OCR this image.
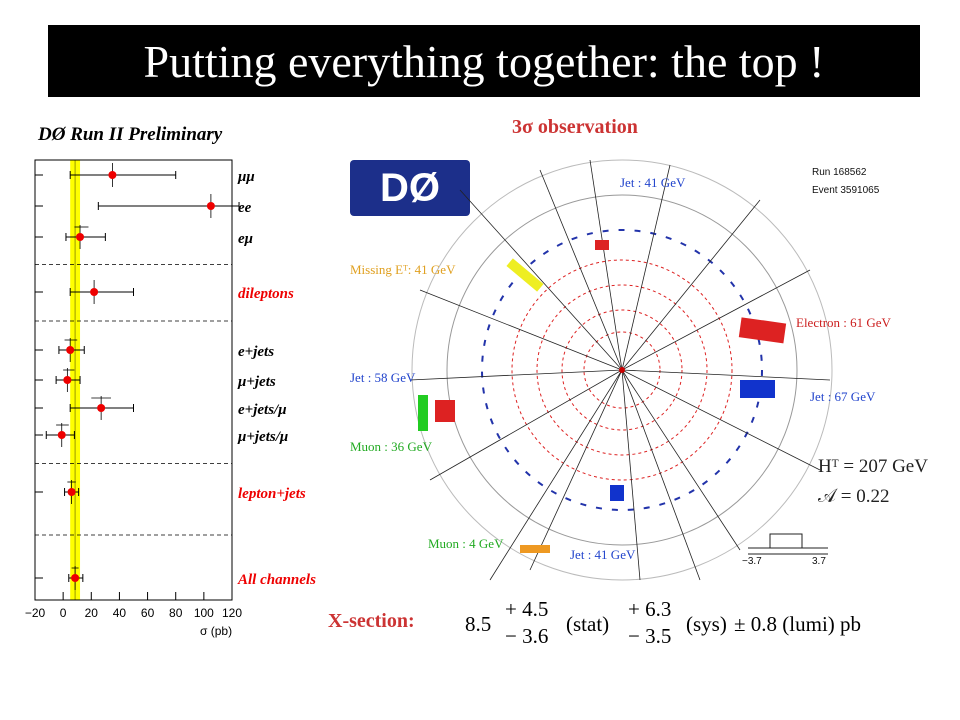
Putting everything together: the top !
DØ Run II Preliminary
μμ
ee
eμ
dileptons
e+jets
μ+jets
e+jets/μ
μ+jets/μ
lepton+jets
All channels
−20 0 20 40 60 80 100 120
σ (pb)
3σ observation
DØ	Run 168562
Event 3591065
Jet : 41 GeV
Missing Eᵀ: 41 GeV
Electron : 61 GeV
Jet : 58 GeV
Jet : 67 GeV
Muon : 36 GeV
Muon : 4 GeV
Jet : 41 GeV
Hᵀ = 207 GeV
𝒜 = 0.22
−3.7	3.7
X-section: 8.5
+ 4.5
− 3.6 (stat)
+ 6.3
− 3.5 (sys) ± 0.8 (lumi) pb
